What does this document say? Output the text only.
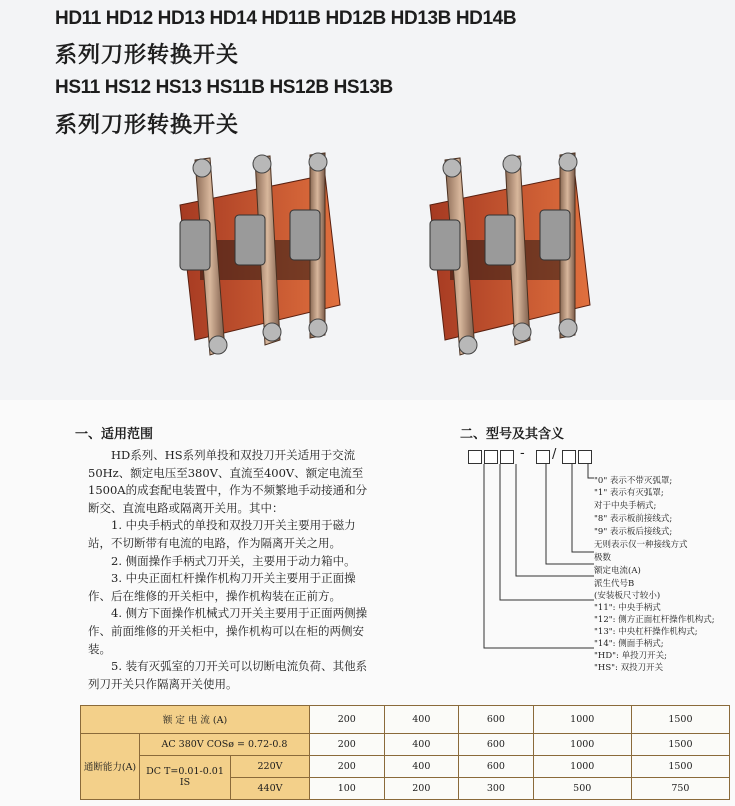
HD11 HD12 HD13 HD14 HD11B HD12B HD13B HD14B
系列刀形转换开关
HS11 HS12 HS13 HS11B HS12B HS13B
系列刀形转换开关
一、适用范围

HD系列、HS系列单投和双投刀开关适用于交流50Hz、额定电压至380V、直流至400V、额定电流至1500A的成套配电装置中，作为不频繁地手动接通和分断交、直流电路或隔离开关用。其中：

1. 中央手柄式的单投和双投刀开关主要用于磁力站，不切断带有电流的电路，作为隔离开关之用。

2. 侧面操作手柄式刀开关，主要用于动力箱中。

3. 中央正面杠杆操作机构刀开关主要用于正面操作、后在维修的开关柜中，操作机构装在正前方。

4. 侧方下面操作机械式刀开关主要用于正面两侧操作、前面维修的开关柜中，操作机构可以在柜的两侧安装。

5. 装有灭弧室的刀开关可以切断电流负荷、其他系列刀开关只作隔离开关使用。

二、型号及其含义
- /
"0" 表示不带灭弧罩;
"1" 表示有灭弧罩;
对于中央手柄式;
"8" 表示板前接线式;
"9" 表示板后接线式;
无则表示仅一种接线方式
极数
额定电流(A)
派生代号B
(安装板尺寸较小)
"11": 中央手柄式
"12": 侧方正面杠杆操作机构式;
"13": 中央杠杆操作机构式;
"14": 侧面手柄式;
"HD": 单投刀开关;
"HS": 双投刀开关
额 定 电 流 (A)			200	400	600	1000	1500
通断能力(A)	AC 380V COSø = 0.72-0.8		200	400	600	1000	1500
	DC T=0.01-0.01 IS	220V	200	400	600	1000	1500
		440V	100	200	300	500	750
